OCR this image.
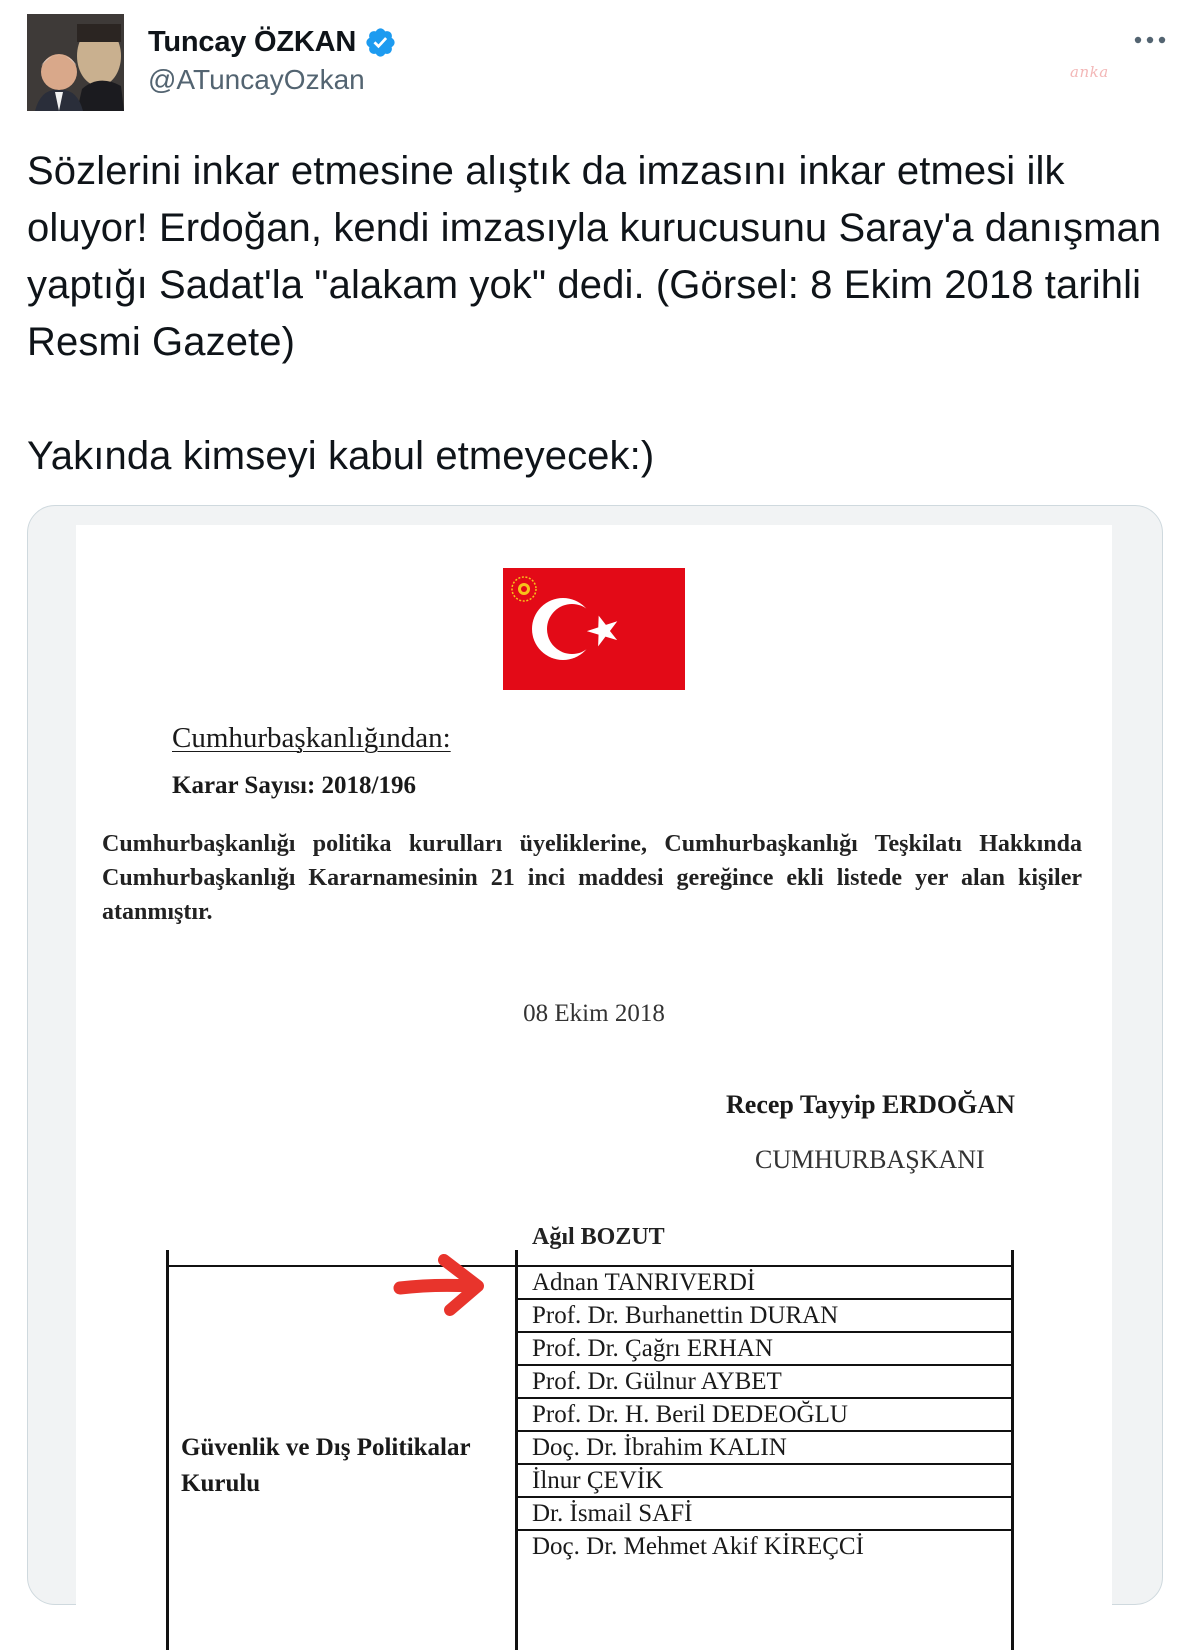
Tuncay ÖZKAN
@ATuncayOzkan	anka

Sözlerini inkar etmesine alıştık da imzasını inkar etmesi ilk oluyor! Erdoğan, kendi imzasıyla kurucusunu Saray'a danışman yaptığı Sadat'la "alakam yok" dedi. (Görsel: 8 Ekim 2018 tarihli Resmi Gazete)

Yakında kimseyi kabul etmeyecek:)

Cumhurbaşkanlığından:
Karar Sayısı: 2018/196
Cumhurbaşkanlığı politika kurulları üyeliklerine, Cumhurbaşkanlığı Teşkilatı Hakkında Cumhurbaşkanlığı Kararnamesinin 21 inci maddesi gereğince ekli listede yer alan kişiler atanmıştır.
08 Ekim 2018
Recep Tayyip ERDOĞAN
CUMHURBAŞKANI
Güvenlik ve Dış Politikalar
Kurulu
Ağıl BOZUT
Adnan TANRIVERDİ
Prof. Dr. Burhanettin DURAN
Prof. Dr. Çağrı ERHAN
Prof. Dr. Gülnur AYBET
Prof. Dr. H. Beril DEDEOĞLU
Doç. Dr. İbrahim KALIN
İlnur ÇEVİK
Dr. İsmail SAFİ
Doç. Dr. Mehmet Akif KİREÇCİ
